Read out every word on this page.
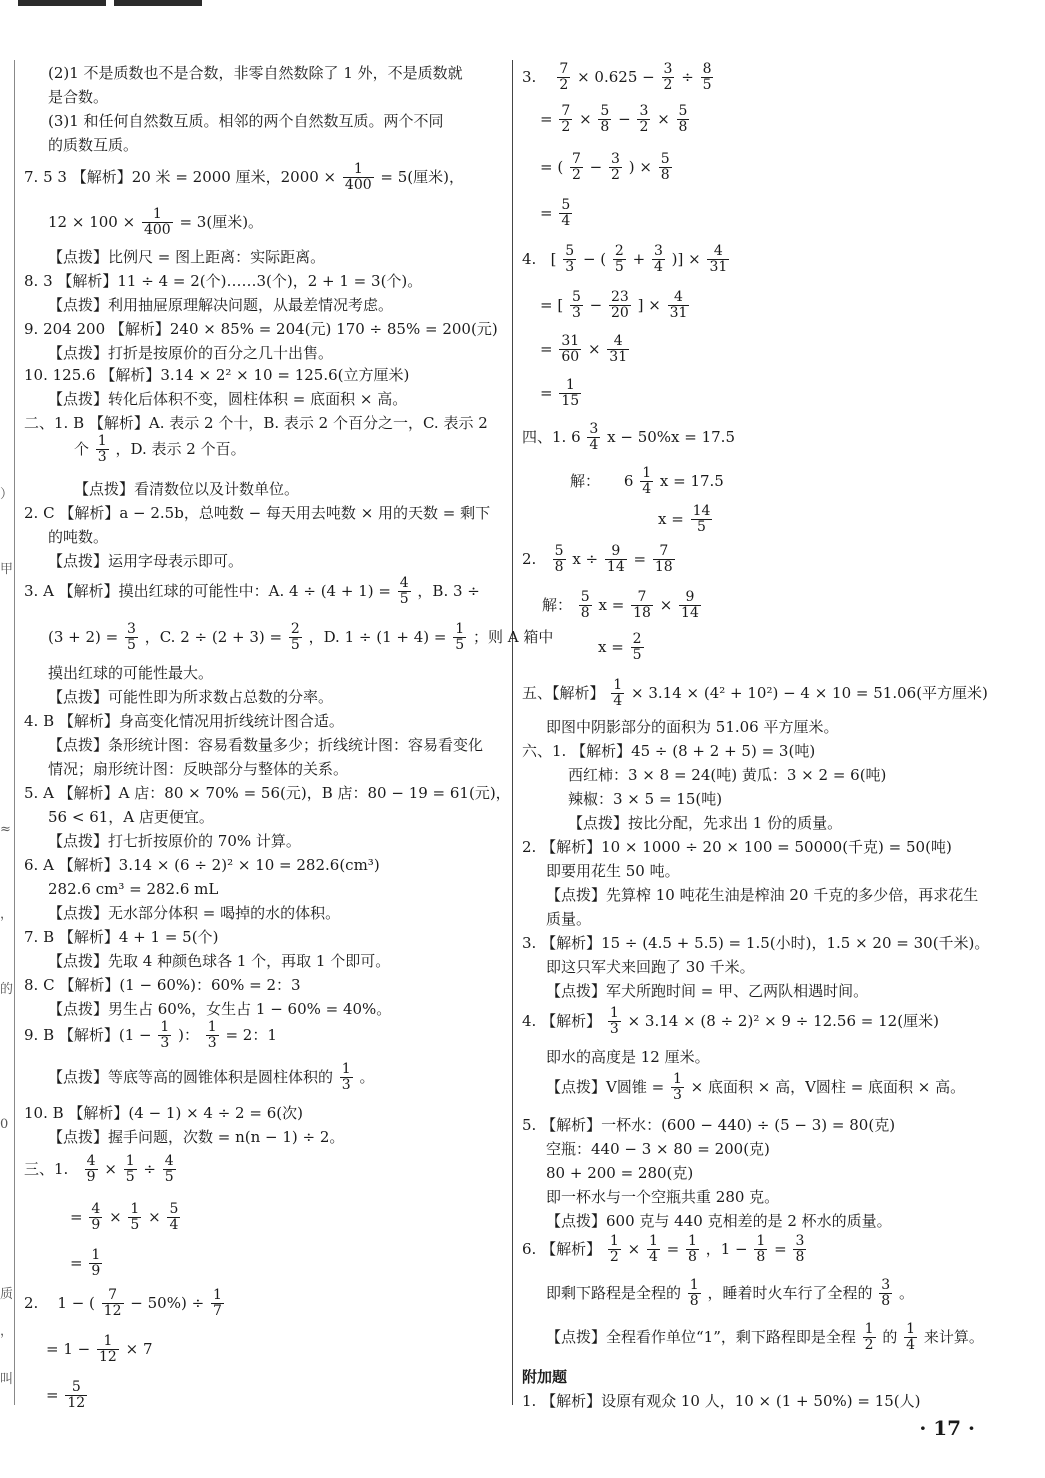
）
甲
≈
，
的
0
质
，
叫
(2)1 不是质数也不是合数，非零自然数除了 1 外，不是质数就
是合数。
(3)1 和任何自然数互质。相邻的两个自然数互质。两个不同
的质数互质。
7. 5 3 【解析】20 米 = 2000 厘米，$2000 \times \frac{1}{400} = 5$(厘米)，
$12 \times 100 \times \frac{1}{400} = 3$(厘米)。
【点拨】比例尺 = 图上距离：实际距离。
8. 3 【解析】11 ÷ 4 = 2(个)……3(个)，2 + 1 = 3(个)。
【点拨】利用抽屉原理解决问题，从最差情况考虑。
9. 204 200 【解析】240 × 85% = 204(元) 170 ÷ 85% = 200(元)
【点拨】打折是按原价的百分之几十出售。
10. 125.6 【解析】3.14 × 2² × 10 = 125.6(立方厘米)
【点拨】转化后体积不变，圆柱体积 = 底面积 × 高。
二、1. B 【解析】A. 表示 2 个十，B. 表示 2 个百分之一，C. 表示 2
个 $\frac{1}{3}$ ，D. 表示 2 个百。
【点拨】看清数位以及计数单位。
2. C 【解析】a − 2.5b，总吨数 − 每天用去吨数 × 用的天数 = 剩下
的吨数。
【点拨】运用字母表示即可。
3. A 【解析】摸出红球的可能性中：A. $4 \div (4 + 1) = \frac{4}{5}$ ，B. 3 ÷
$(3 + 2) = \frac{3}{5}$ ，C. $2 \div (2 + 3) = \frac{2}{5}$ ，D. $1 \div (1 + 4) = \frac{1}{5}$ ；则 A 箱中
摸出红球的可能性最大。
【点拨】可能性即为所求数占总数的分率。
4. B 【解析】身高变化情况用折线统计图合适。
【点拨】条形统计图：容易看数量多少；折线统计图：容易看变化
情况；扇形统计图：反映部分与整体的关系。
5. A 【解析】A 店：80 × 70% = 56(元)，B 店：80 − 19 = 61(元)，
56 < 61，A 店更便宜。
【点拨】打七折按原价的 70% 计算。
6. A 【解析】3.14 × (6 ÷ 2)² × 10 = 282.6(cm³)
282.6 cm³ = 282.6 mL
【点拨】无水部分体积 = 喝掉的水的体积。
7. B 【解析】4 + 1 = 5(个)
【点拨】先取 4 种颜色球各 1 个，再取 1 个即可。
8. C 【解析】(1 − 60%)：60% = 2：3
【点拨】男生占 60%，女生占 1 − 60% = 40%。
9. B 【解析】($1 - \frac{1}{3}$ )： $\frac{1}{3} = 2$：1
【点拨】等底等高的圆锥体积是圆柱体积的 $\frac{1}{3}$ 。
10. B 【解析】(4 − 1) × 4 ÷ 2 = 6(次)
【点拨】握手问题，次数 = n(n − 1) ÷ 2。
三、1. $\frac{4}{9} \times \frac{1}{5} \div \frac{4}{5}$
= $\frac{4}{9} \times \frac{1}{5} \times \frac{5}{4}$
= $\frac{1}{9}$
2. 1 − ( $\frac{7}{12} - 50\%) \div \frac{1}{7}$
= $1 - \frac{1}{12} \times 7$
= $\frac{5}{12}$
3. $\frac{7}{2} \times 0.625 - \frac{3}{2} \div \frac{8}{5}$
= $\frac{7}{2} \times \frac{5}{8} - \frac{3}{2} \times \frac{5}{8}$
= ( $\frac{7}{2} - \frac{3}{2}$ ) × $\frac{5}{8}$
= $\frac{5}{4}$
4.   [ $\frac{5}{3}$ − ( $\frac{2}{5} + \frac{3}{4}$ )] × $\frac{4}{31}$
= [ $\frac{5}{3} - \frac{23}{20}$ ] × $\frac{4}{31}$
= $\frac{31}{60} \times \frac{4}{31}$
= $\frac{1}{15}$
四、1. $6 \frac{3}{4}$ x − 50%x = 17.5
解： $6 \frac{1}{4}$ x = 17.5
$x = \frac{14}{5}$
2. $\frac{5}{8}$ $x \div \frac{9}{14} = \frac{7}{18}$
解： $\frac{5}{8}$ $x = \frac{7}{18} \times \frac{9}{14}$
$x = \frac{2}{5}$
五、【解析】 $\frac{1}{4} \times 3.14 \times (4^2 + 10^2) - 4 \times 10 = 51.06$(平方厘米)
即图中阴影部分的面积为 51.06 平方厘米。
六、1. 【解析】45 ÷ (8 + 2 + 5) = 3(吨)
西红柿：3 × 8 = 24(吨) 黄瓜：3 × 2 = 6(吨)
辣椒：3 × 5 = 15(吨)
【点拨】按比分配，先求出 1 份的质量。
2. 【解析】10 × 1000 ÷ 20 × 100 = 50000(千克) = 50(吨)
即要用花生 50 吨。
【点拨】先算榨 10 吨花生油是榨油 20 千克的多少倍，再求花生
质量。
3. 【解析】15 ÷ (4.5 + 5.5) = 1.5(小时)，1.5 × 20 = 30(千米)。
即这只军犬来回跑了 30 千米。
【点拨】军犬所跑时间 = 甲、乙两队相遇时间。
4. 【解析】 $\frac{1}{3} \times 3.14 \times (8 \div 2)^2 \times 9 \div 12.56 = 12$(厘米)
即水的高度是 12 厘米。
【点拨】V圆锥 = $\frac{1}{3}$ × 底面积 × 高，V圆柱 = 底面积 × 高。
5. 【解析】一杯水：(600 − 440) ÷ (5 − 3) = 80(克)
空瓶：440 − 3 × 80 = 200(克)
80 + 200 = 280(克)
即一杯水与一个空瓶共重 280 克。
【点拨】600 克与 440 克相差的是 2 杯水的质量。
6. 【解析】 $\frac{1}{2} \times \frac{1}{4} = \frac{1}{8}$ ，$1 - \frac{1}{8} = \frac{3}{8}$
即剩下路程是全程的 $\frac{1}{8}$ ，睡着时火车行了全程的 $\frac{3}{8}$ 。
【点拨】全程看作单位“1”，剩下路程即是全程 $\frac{1}{2}$ 的 $\frac{1}{4}$ 来计算。
附加题
1. 【解析】设原有观众 10 人，10 × (1 + 50%) = 15(人)
· 17 ·
